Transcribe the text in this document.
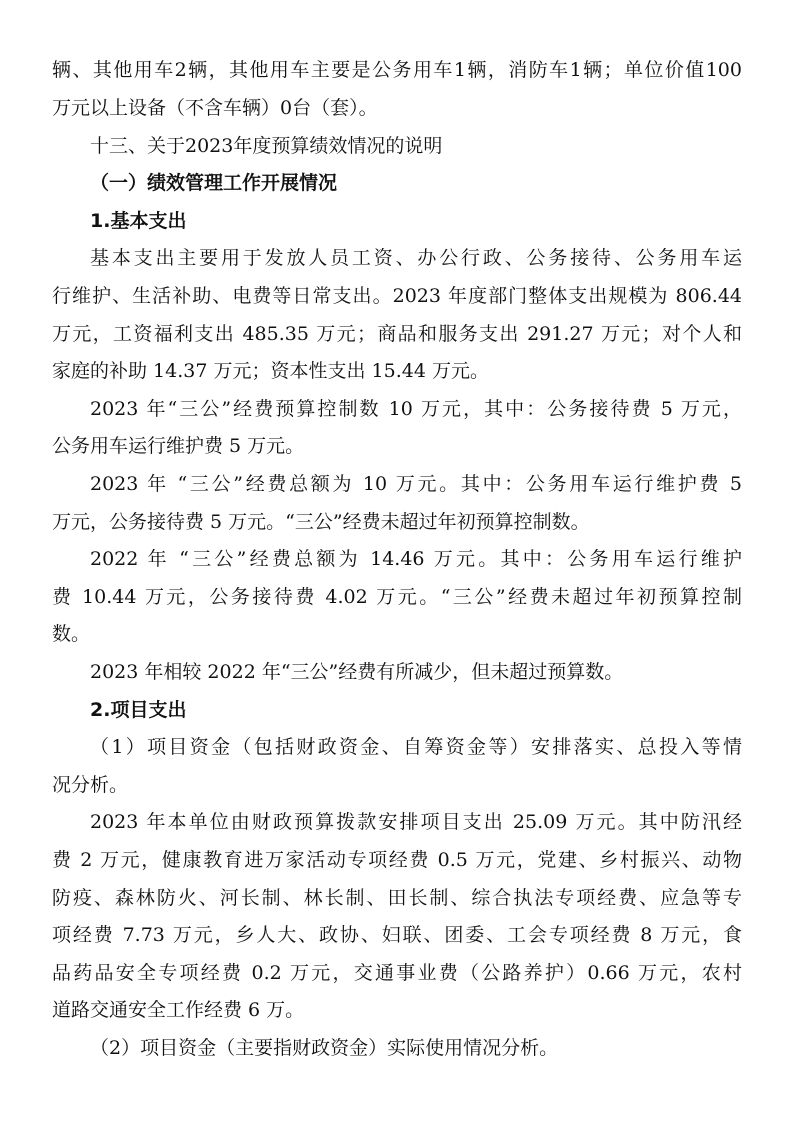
辆、其他用车2辆，其他用车主要是公务用车1辆，消防车1辆；单位价值100
万元以上设备（不含车辆）0台（套）。
十三、关于2023年度预算绩效情况的说明
（一）绩效管理工作开展情况
1.基本支出
基本支出主要用于发放人员工资、办公行政、公务接待、公务用车运
行维护、生活补助、电费等日常支出。2023 年度部门整体支出规模为 806.44
万元，工资福利支出 485.35 万元；商品和服务支出 291.27 万元；对个人和
家庭的补助 14.37 万元；资本性支出 15.44 万元。
2023 年“三公”经费预算控制数 10 万元，其中：公务接待费 5 万元，
公务用车运行维护费 5 万元。
2023 年 “三公”经费总额为 10 万元。其中：公务用车运行维护费 5
万元，公务接待费 5 万元。“三公”经费未超过年初预算控制数。
2022 年 “三公”经费总额为 14.46 万元。其中：公务用车运行维护
费 10.44 万元，公务接待费 4.02 万元。“三公”经费未超过年初预算控制
数。
2023 年相较 2022 年“三公”经费有所减少，但未超过预算数。
2.项目支出
（1）项目资金（包括财政资金、自筹资金等）安排落实、总投入等情
况分析。
2023 年本单位由财政预算拨款安排项目支出 25.09 万元。其中防汛经
费 2 万元，健康教育进万家活动专项经费 0.5 万元，党建、乡村振兴、动物
防疫、森林防火、河长制、林长制、田长制、综合执法专项经费、应急等专
项经费 7.73 万元，乡人大、政协、妇联、团委、工会专项经费 8 万元，食
品药品安全专项经费 0.2 万元，交通事业费（公路养护）0.66 万元，农村
道路交通安全工作经费 6 万。
（2）项目资金（主要指财政资金）实际使用情况分析。
